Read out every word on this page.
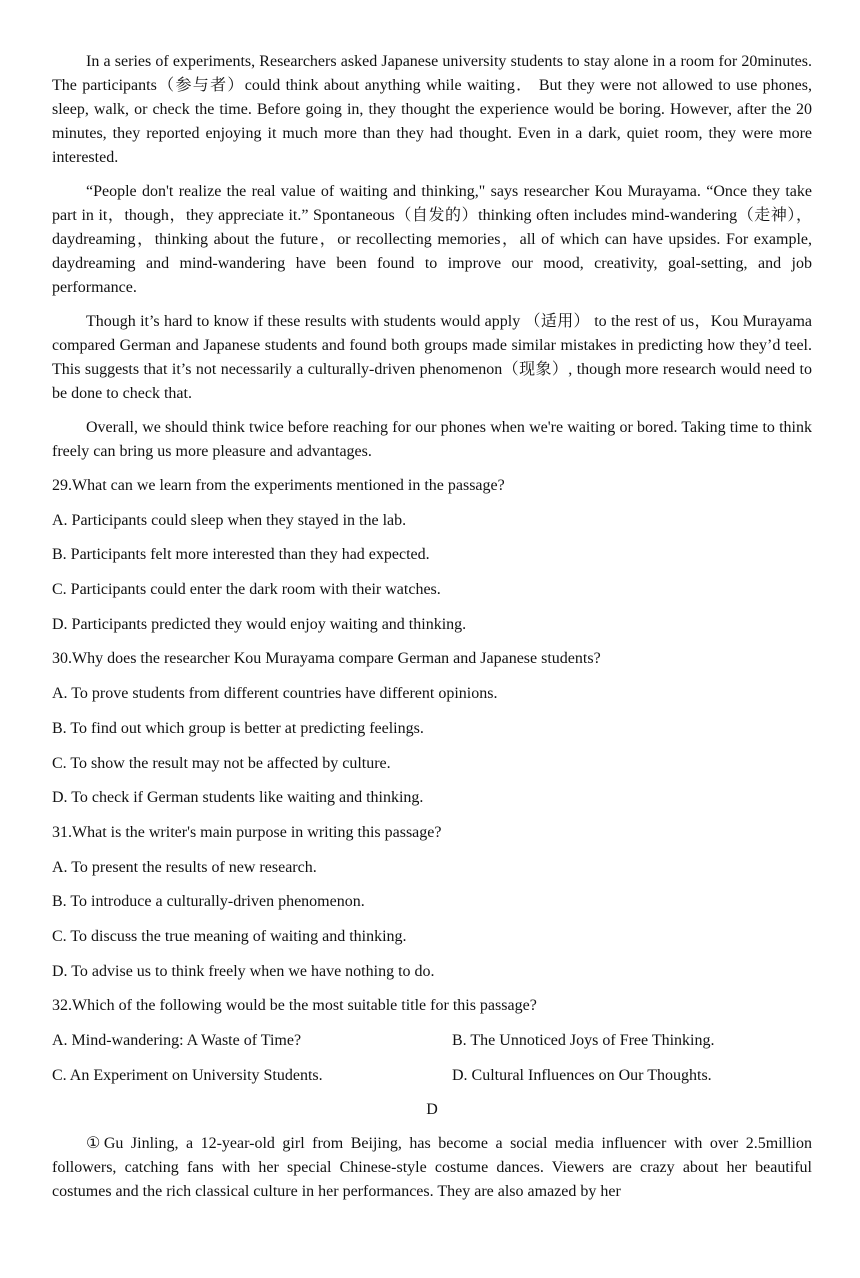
In a series of experiments, Researchers asked Japanese university students to stay alone in a room for 20minutes. The participants（参与者）could think about anything while waiting． But they were not allowed to use phones, sleep, walk, or check the time. Before going in, they thought the experience would be boring. However, after the 20 minutes, they reported enjoying it much more than they had thought. Even in a dark, quiet room, they were more interested.

“People don't realize the real value of waiting and thinking," says researcher Kou Murayama. “Once they take part in it，though，they appreciate it.” Spontaneous（自发的）thinking often includes mind-wandering（走神），daydreaming，thinking about the future，or recollecting memories，all of which can have upsides. For example, daydreaming and mind-wandering have been found to improve our mood, creativity, goal-setting, and job performance.

Though it’s hard to know if these results with students would apply （适用） to the rest of us，Kou Murayama compared German and Japanese students and found both groups made similar mistakes in predicting how they’d teel. This suggests that it’s not necessarily a culturally-driven phenomenon（现象）, though more research would need to be done to check that.

Overall, we should think twice before reaching for our phones when we're waiting or bored. Taking time to think freely can bring us more pleasure and advantages.

29.What can we learn from the experiments mentioned in the passage?

A. Participants could sleep when they stayed in the lab.

B. Participants felt more interested than they had expected.

C. Participants could enter the dark room with their watches.

D. Participants predicted they would enjoy waiting and thinking.

30.Why does the researcher Kou Murayama compare German and Japanese students?

A. To prove students from different countries have different opinions.

B. To find out which group is better at predicting feelings.

C. To show the result may not be affected by culture.

D. To check if German students like waiting and thinking.

31.What is the writer's main purpose in writing this passage?

A. To present the results of new research.

B. To introduce a culturally-driven phenomenon.

C. To discuss the true meaning of waiting and thinking.

D. To advise us to think freely when we have nothing to do.

32.Which of the following would be the most suitable title for this passage?

A. Mind-wandering: A Waste of Time?	B. The Unnoticed Joys of Free Thinking.
C. An Experiment on University Students.	D. Cultural Influences on Our Thoughts.
D

①Gu Jinling, a 12-year-old girl from Beijing, has become a social media influencer with over 2.5million followers, catching fans with her special Chinese-style costume dances. Viewers are crazy about her beautiful costumes and the rich classical culture in her performances. They are also amazed by her
